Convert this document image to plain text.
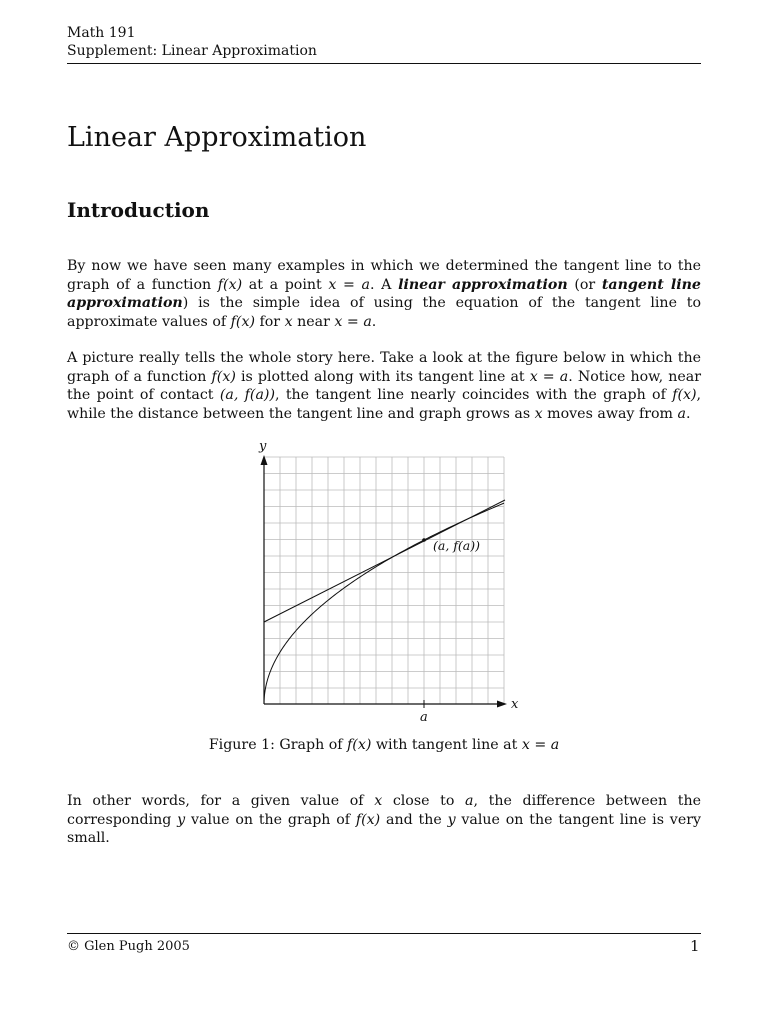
Math 191
Supplement: Linear Approximation
Linear Approximation
Introduction

By now we have seen many examples in which we determined the tangent line to the graph of a function f(x) at a point x = a. A linear approximation (or tangent line approximation) is the simple idea of using the equation of the tangent line to approximate values of f(x) for x near x = a.

A picture really tells the whole story here. Take a look at the figure below in which the graph of a function f(x) is plotted along with its tangent line at x = a. Notice how, near the point of contact (a, f(a)), the tangent line nearly coincides with the graph of f(x), while the distance between the tangent line and graph grows as x moves away from a.

y
x
a
(a, f(a))
Figure 1: Graph of f(x) with tangent line at x = a

In other words, for a given value of x close to a, the difference between the corresponding y value on the graph of f(x) and the y value on the tangent line is very small.

© Glen Pugh 2005	1
